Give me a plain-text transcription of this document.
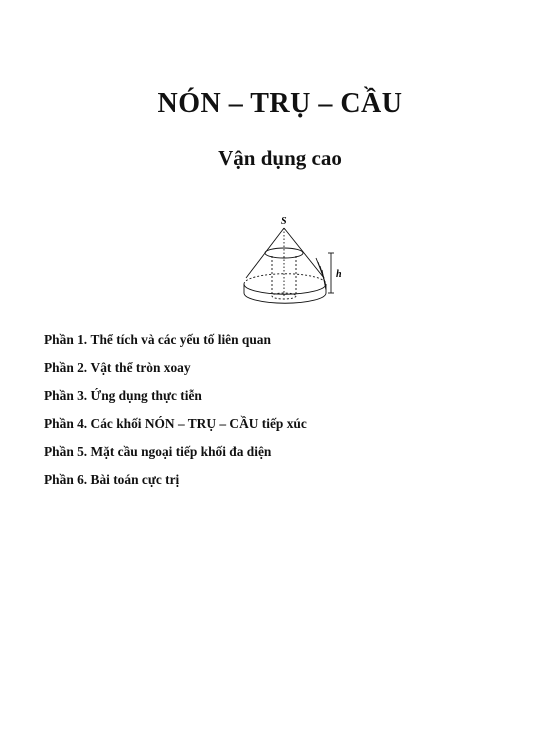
NÓN – TRỤ – CẦU
Vận dụng cao
S
h
Phần 1. Thể tích và các yếu tố liên quan
Phần 2. Vật thể tròn xoay
Phần 3. Ứng dụng thực tiễn
Phần 4. Các khối NÓN – TRỤ – CẦU tiếp xúc
Phần 5. Mặt cầu ngoại tiếp khối đa diện
Phần 6. Bài toán cực trị
